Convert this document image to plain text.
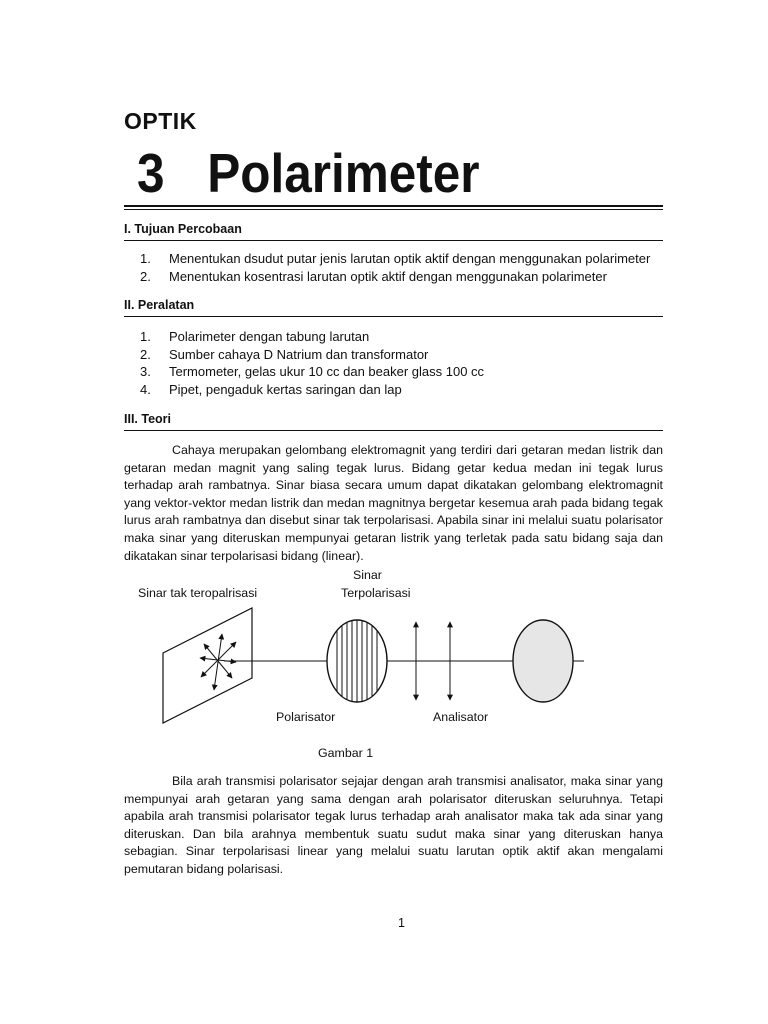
OPTIK
3 Polarimeter
I. Tujuan Percobaan
1. Menentukan dsudut putar jenis larutan optik aktif dengan menggunakan polarimeter
2. Menentukan kosentrasi larutan optik aktif dengan menggunakan polarimeter
II. Peralatan
1. Polarimeter dengan tabung larutan
2. Sumber cahaya D Natrium dan transformator
3. Termometer, gelas ukur 10 cc dan beaker glass 100 cc
4. Pipet, pengaduk kertas saringan dan lap
III. Teori

Cahaya merupakan gelombang elektromagnit yang terdiri dari getaran medan listrik dan getaran medan magnit yang saling tegak lurus. Bidang getar kedua medan ini tegak lurus terhadap arah rambatnya. Sinar biasa secara umum dapat dikatakan gelombang elektromagnit yang vektor-vektor medan listrik dan medan magnitnya bergetar kesemua arah pada bidang tegak lurus arah rambatnya dan disebut sinar tak terpolarisasi. Apabila sinar ini melalui suatu polarisator maka sinar yang diteruskan mempunyai getaran listrik yang terletak pada satu bidang saja dan dikatakan sinar terpolarisasi bidang (linear).

Sinar tak teropalrisasi
Sinar
Terpolarisasi
Polarisator	Analisator
Gambar 1

Bila arah transmisi polarisator sejajar dengan arah transmisi analisator, maka sinar yang mempunyai arah getaran yang sama dengan arah polarisator diteruskan seluruhnya. Tetapi apabila arah transmisi polarisator tegak lurus terhadap arah analisator maka tak ada sinar yang diteruskan. Dan bila arahnya membentuk suatu sudut maka sinar yang diteruskan hanya sebagian. Sinar terpolarisasi linear yang melalui suatu larutan optik aktif akan mengalami pemutaran bidang polarisasi.

1
